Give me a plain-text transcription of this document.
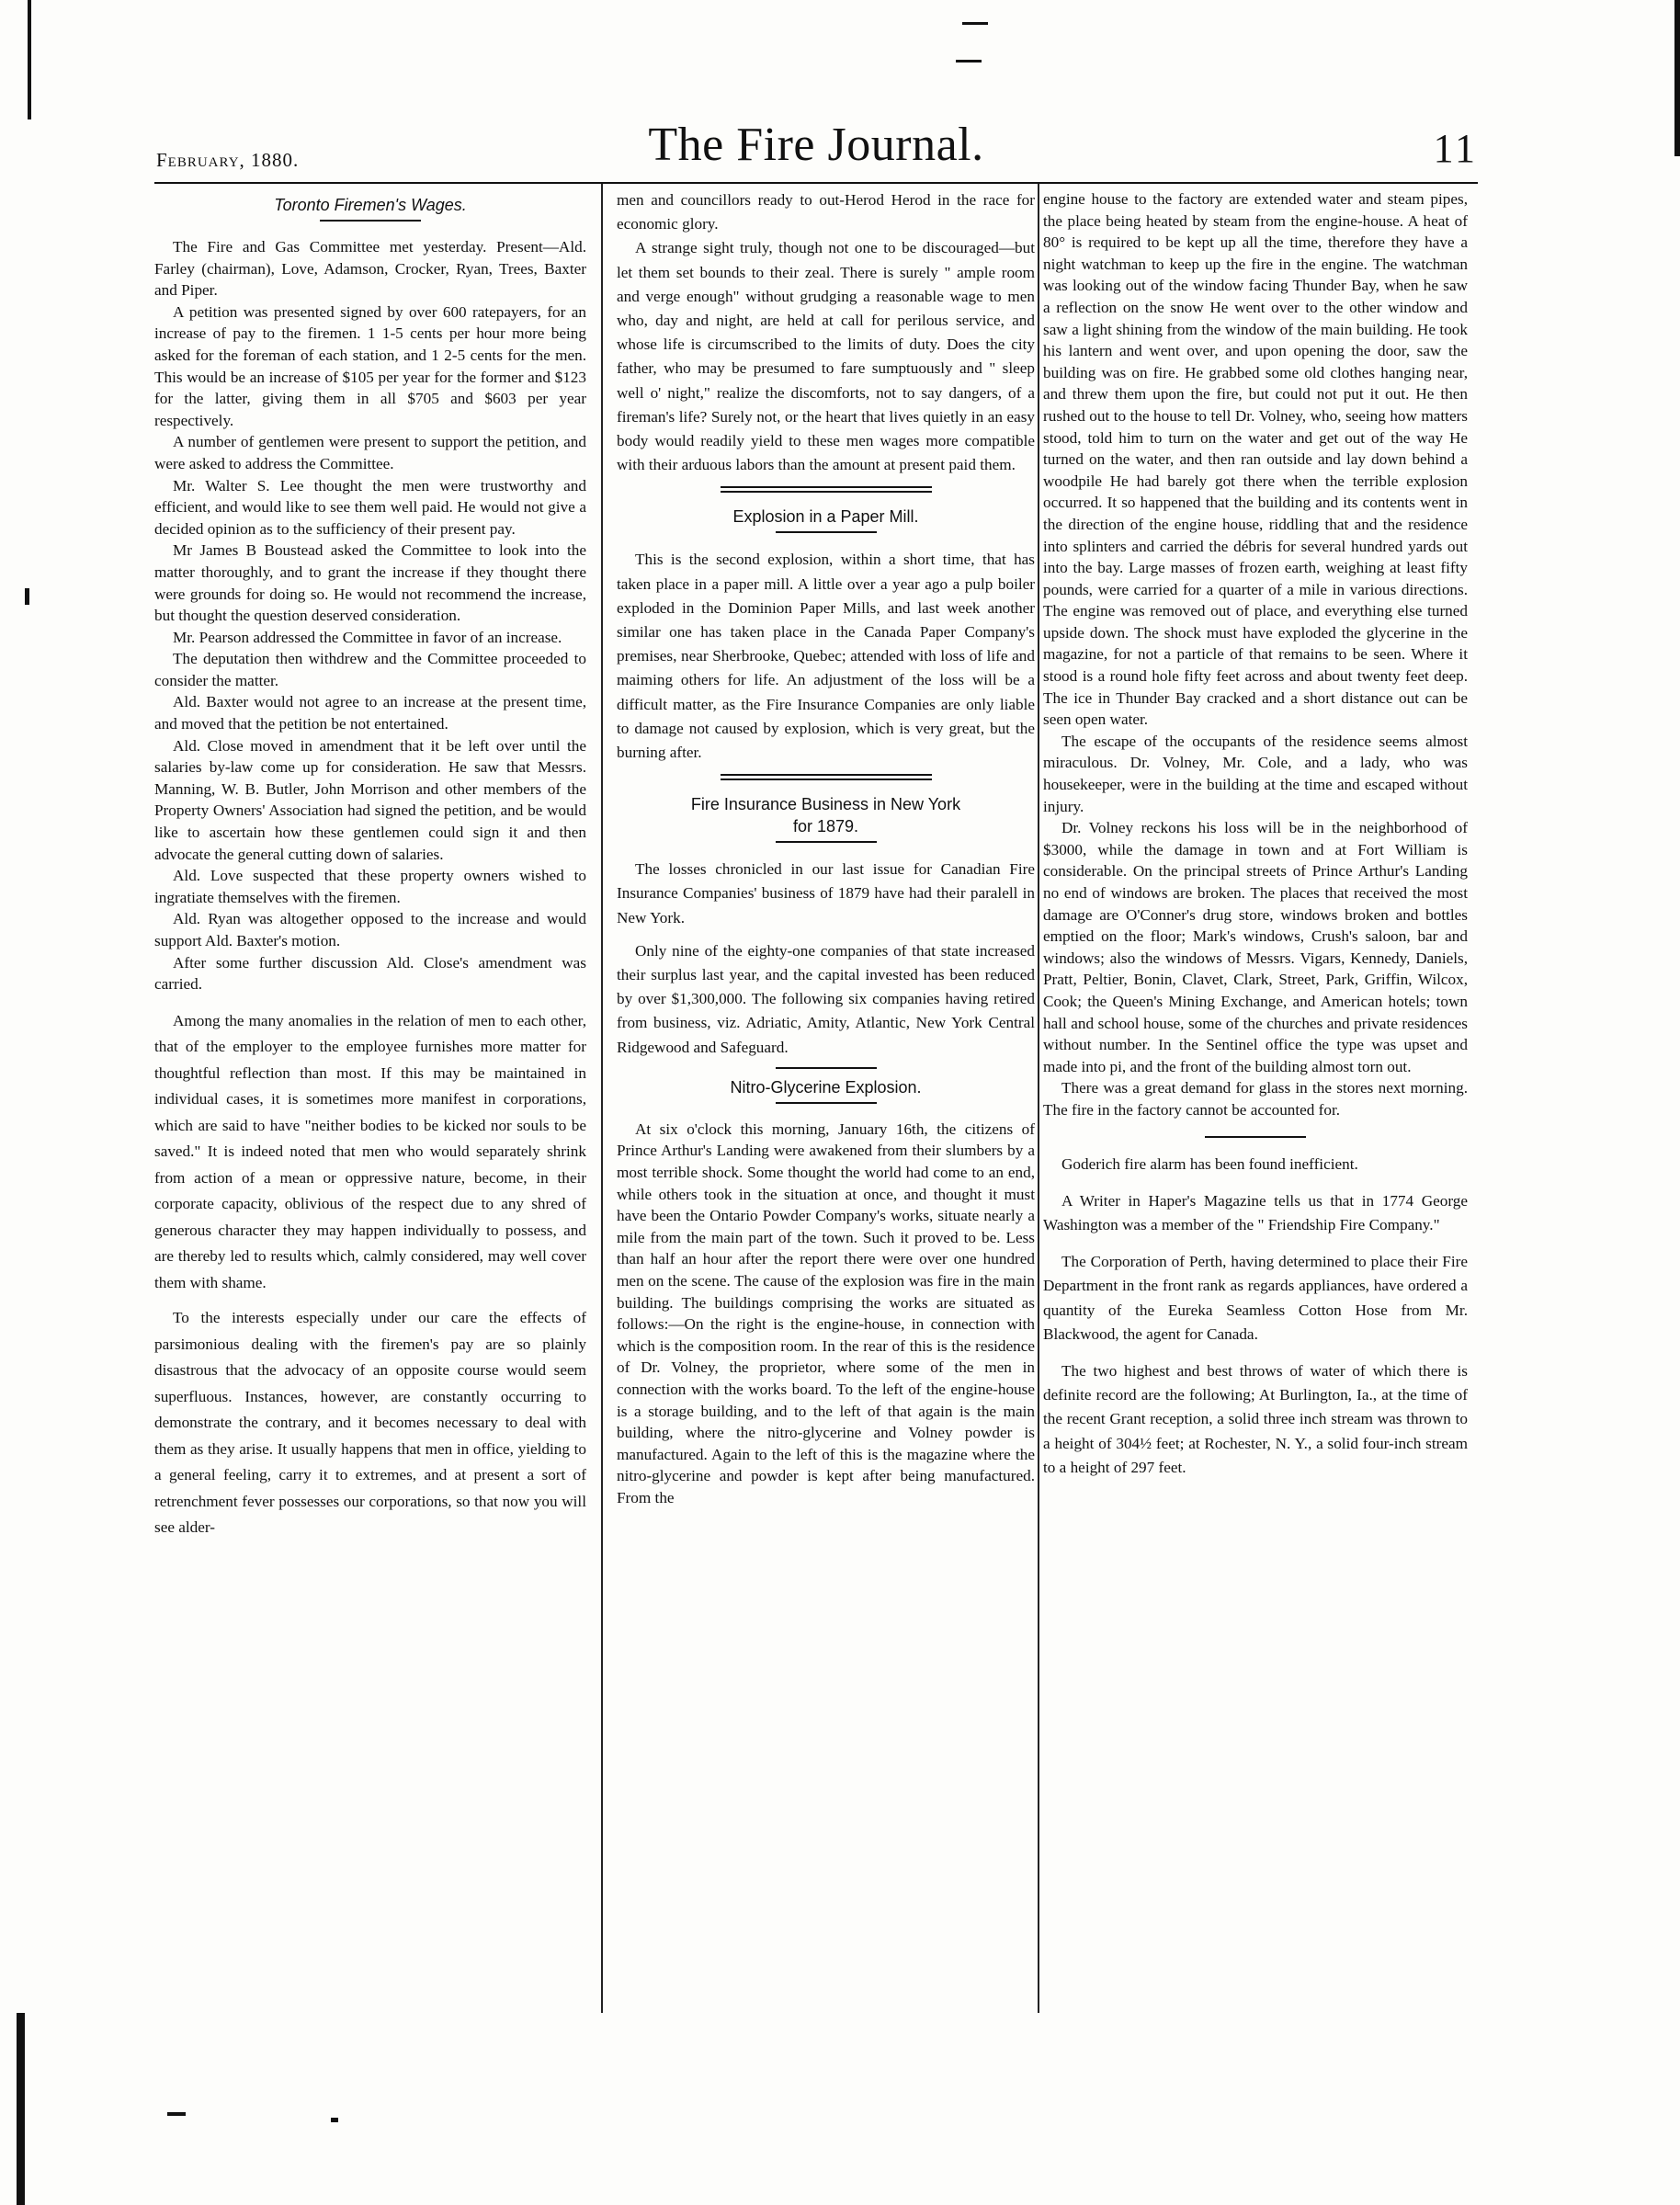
February, 1880.	The Fire Journal.	11
Toronto Firemen's Wages.

The Fire and Gas Committee met yesterday. Present—Ald. Farley (chairman), Love, Adamson, Crocker, Ryan, Trees, Baxter and Piper.

A petition was presented signed by over 600 ratepayers, for an increase of pay to the firemen. 1 1-5 cents per hour more being asked for the foreman of each station, and 1 2-5 cents for the men. This would be an increase of $105 per year for the former and $123 for the latter, giving them in all $705 and $603 per year respectively.

A number of gentlemen were present to support the petition, and were asked to address the Committee.

Mr. Walter S. Lee thought the men were trustworthy and efficient, and would like to see them well paid. He would not give a decided opinion as to the sufficiency of their present pay.

Mr James B Boustead asked the Committee to look into the matter thoroughly, and to grant the increase if they thought there were grounds for doing so. He would not recommend the increase, but thought the question deserved consideration.

Mr. Pearson addressed the Committee in favor of an increase.

The deputation then withdrew and the Committee proceeded to consider the matter.

Ald. Baxter would not agree to an increase at the present time, and moved that the petition be not entertained.

Ald. Close moved in amendment that it be left over until the salaries by-law come up for consideration. He saw that Messrs. Manning, W. B. Butler, John Morrison and other members of the Property Owners' Association had signed the petition, and be would like to ascertain how these gentlemen could sign it and then advocate the general cutting down of salaries.

Ald. Love suspected that these property owners wished to ingratiate themselves with the firemen.

Ald. Ryan was altogether opposed to the increase and would support Ald. Baxter's motion.

After some further discussion Ald. Close's amendment was carried.

Among the many anomalies in the relation of men to each other, that of the employer to the employee furnishes more matter for thoughtful reflection than most. If this may be maintained in individual cases, it is sometimes more manifest in corporations, which are said to have "neither bodies to be kicked nor souls to be saved." It is indeed noted that men who would separately shrink from action of a mean or oppressive nature, become, in their corporate capacity, oblivious of the respect due to any shred of generous character they may happen individually to possess, and are thereby led to results which, calmly considered, may well cover them with shame.

To the interests especially under our care the effects of parsimonious dealing with the firemen's pay are so plainly disastrous that the advocacy of an opposite course would seem superfluous. Instances, however, are constantly occurring to demonstrate the contrary, and it becomes necessary to deal with them as they arise. It usually happens that men in office, yielding to a general feeling, carry it to extremes, and at present a sort of retrenchment fever possesses our corporations, so that now you will see alder-

men and councillors ready to out-Herod Herod in the race for economic glory.

A strange sight truly, though not one to be discouraged—but let them set bounds to their zeal. There is surely " ample room and verge enough" without grudging a reasonable wage to men who, day and night, are held at call for perilous service, and whose life is circumscribed to the limits of duty. Does the city father, who may be presumed to fare sumptuously and " sleep well o' night," realize the discomforts, not to say dangers, of a fireman's life? Surely not, or the heart that lives quietly in an easy body would readily yield to these men wages more compatible with their arduous labors than the amount at present paid them.

Explosion in a Paper Mill.

This is the second explosion, within a short time, that has taken place in a paper mill. A little over a year ago a pulp boiler exploded in the Dominion Paper Mills, and last week another similar one has taken place in the Canada Paper Company's premises, near Sherbrooke, Quebec; attended with loss of life and maiming others for life. An adjustment of the loss will be a difficult matter, as the Fire Insurance Companies are only liable to damage not caused by explosion, which is very great, but the burning after.

Fire Insurance Business in New York
for 1879.

The losses chronicled in our last issue for Canadian Fire Insurance Companies' business of 1879 have had their paralell in New York.

Only nine of the eighty-one companies of that state increased their surplus last year, and the capital invested has been reduced by over $1,300,000. The following six companies having retired from business, viz. Adriatic, Amity, Atlantic, New York Central Ridgewood and Safeguard.

Nitro-Glycerine Explosion.

At six o'clock this morning, January 16th, the citizens of Prince Arthur's Landing were awakened from their slumbers by a most terrible shock. Some thought the world had come to an end, while others took in the situation at once, and thought it must have been the Ontario Powder Company's works, situate nearly a mile from the main part of the town. Such it proved to be. Less than half an hour after the report there were over one hundred men on the scene. The cause of the explosion was fire in the main building. The buildings comprising the works are situated as follows:—On the right is the engine-house, in connection with which is the composition room. In the rear of this is the residence of Dr. Volney, the proprietor, where some of the men in connection with the works board. To the left of the engine-house is a storage building, and to the left of that again is the main building, where the nitro-glycerine and Volney powder is manufactured. Again to the left of this is the magazine where the nitro-glycerine and powder is kept after being manufactured. From the

engine house to the factory are extended water and steam pipes, the place being heated by steam from the engine-house. A heat of 80° is required to be kept up all the time, therefore they have a night watchman to keep up the fire in the engine. The watchman was looking out of the window facing Thunder Bay, when he saw a reflection on the snow He went over to the other window and saw a light shining from the window of the main building. He took his lantern and went over, and upon opening the door, saw the building was on fire. He grabbed some old clothes hanging near, and threw them upon the fire, but could not put it out. He then rushed out to the house to tell Dr. Volney, who, seeing how matters stood, told him to turn on the water and get out of the way He turned on the water, and then ran outside and lay down behind a woodpile He had barely got there when the terrible explosion occurred. It so happened that the building and its contents went in the direction of the engine house, riddling that and the residence into splinters and carried the débris for several hundred yards out into the bay. Large masses of frozen earth, weighing at least fifty pounds, were carried for a quarter of a mile in various directions. The engine was removed out of place, and everything else turned upside down. The shock must have exploded the glycerine in the magazine, for not a particle of that remains to be seen. Where it stood is a round hole fifty feet across and about twenty feet deep. The ice in Thunder Bay cracked and a short distance out can be seen open water.

The escape of the occupants of the residence seems almost miraculous. Dr. Volney, Mr. Cole, and a lady, who was housekeeper, were in the building at the time and escaped without injury.

Dr. Volney reckons his loss will be in the neighborhood of $3000, while the damage in town and at Fort William is considerable. On the principal streets of Prince Arthur's Landing no end of windows are broken. The places that received the most damage are O'Conner's drug store, windows broken and bottles emptied on the floor; Mark's windows, Crush's saloon, bar and windows; also the windows of Messrs. Vigars, Kennedy, Daniels, Pratt, Peltier, Bonin, Clavet, Clark, Street, Park, Griffin, Wilcox, Cook; the Queen's Mining Exchange, and American hotels; town hall and school house, some of the churches and private residences without number. In the Sentinel office the type was upset and made into pi, and the front of the building almost torn out.

There was a great demand for glass in the stores next morning. The fire in the factory cannot be accounted for.

Goderich fire alarm has been found inefficient.

A Writer in Haper's Magazine tells us that in 1774 George Washington was a member of the " Friendship Fire Company."

The Corporation of Perth, having determined to place their Fire Department in the front rank as regards appliances, have ordered a quantity of the Eureka Seamless Cotton Hose from Mr. Blackwood, the agent for Canada.

The two highest and best throws of water of which there is definite record are the following; At Burlington, Ia., at the time of the recent Grant reception, a solid three inch stream was thrown to a height of 304½ feet; at Rochester, N. Y., a solid four-inch stream to a height of 297 feet.
